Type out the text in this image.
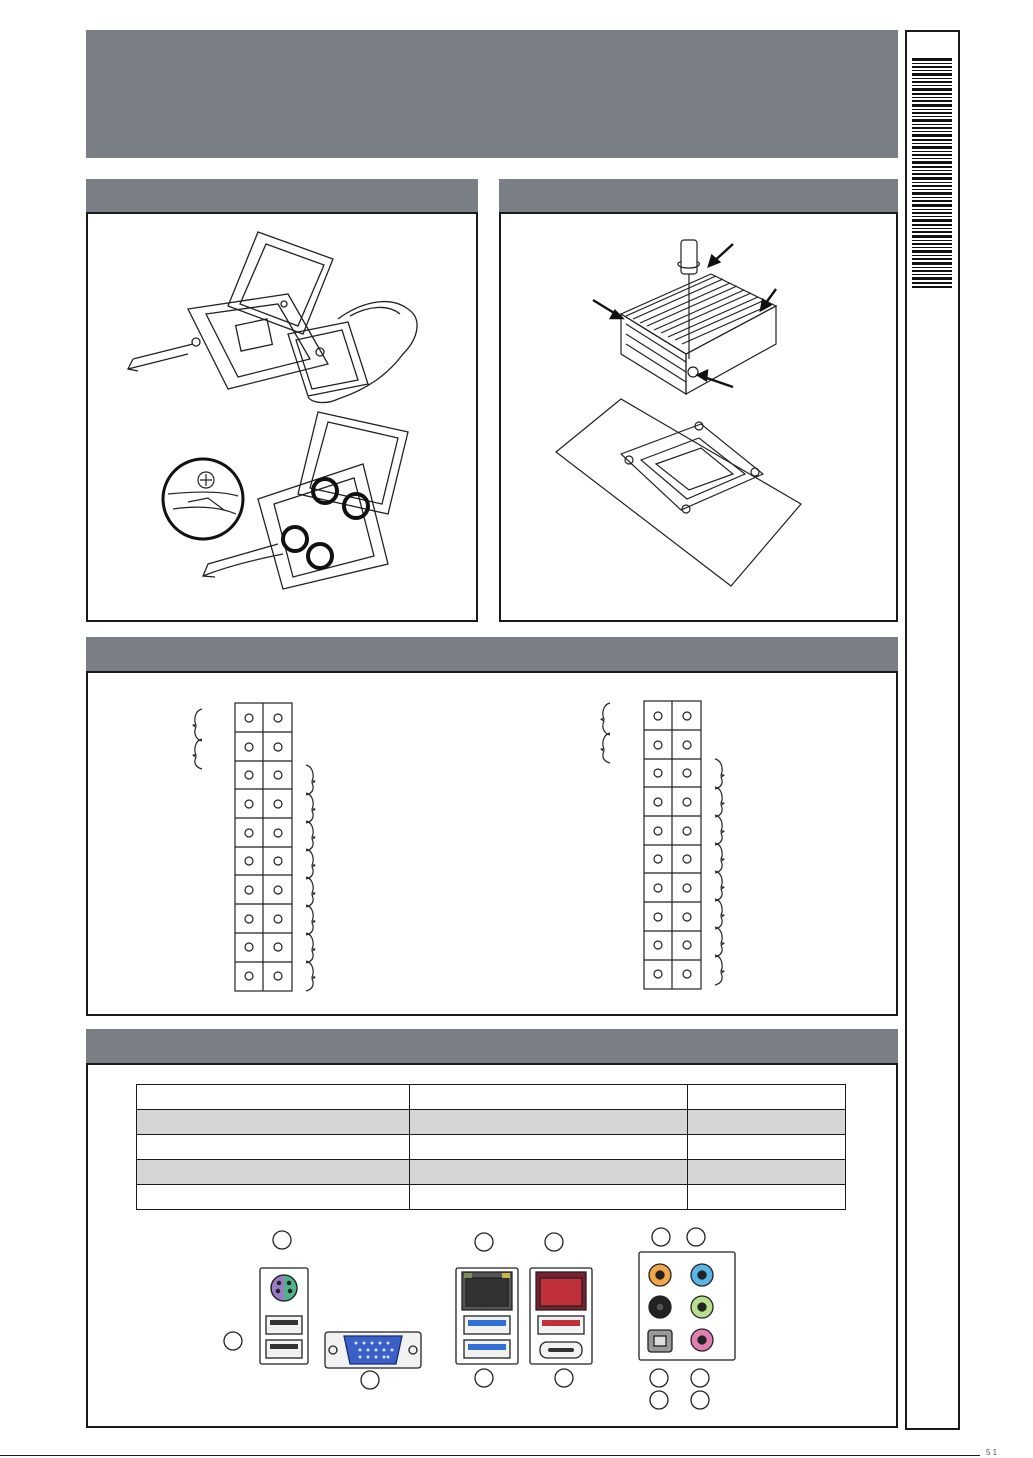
5 1
